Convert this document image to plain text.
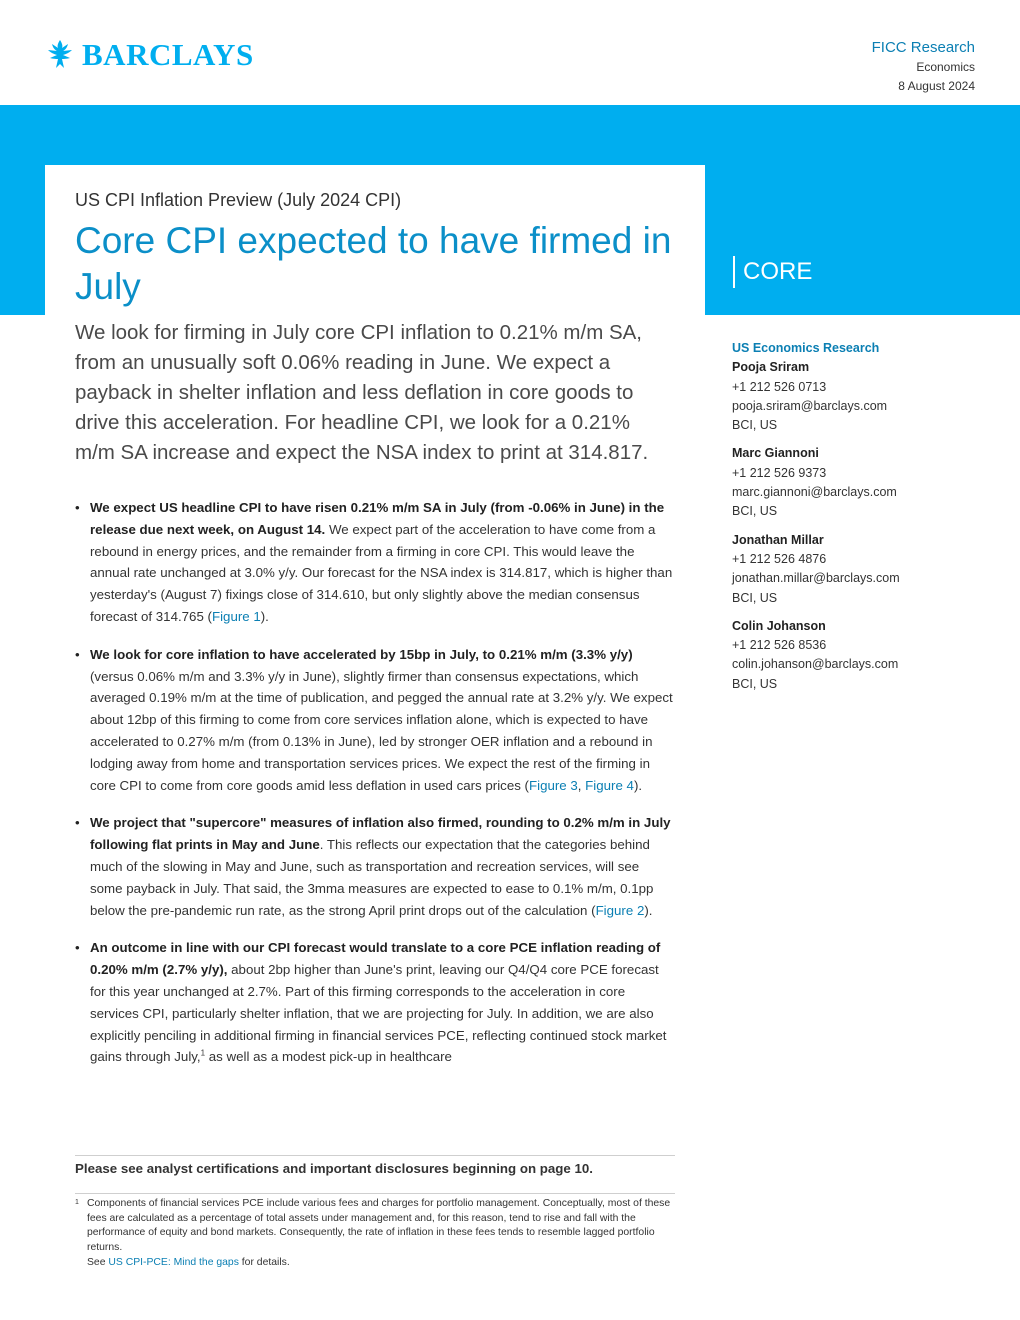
BARCLAYS	FICC Research
Economics
8 August 2024
US CPI Inflation Preview (July 2024 CPI)
Core CPI expected to have firmed in July	CORE

We look for firming in July core CPI inflation to 0.21% m/m SA, from an unusually soft 0.06% reading in June. We expect a payback in shelter inflation and less deflation in core goods to drive this acceleration. For headline CPI, we look for a 0.21% m/m SA increase and expect the NSA index to print at 314.817.

• We expect US headline CPI to have risen 0.21% m/m SA in July (from -0.06% in June) in the release due next week, on August 14. We expect part of the acceleration to have come from a rebound in energy prices, and the remainder from a firming in core CPI. This would leave the annual rate unchanged at 3.0% y/y. Our forecast for the NSA index is 314.817, which is higher than yesterday's (August 7) fixings close of 314.610, but only slightly above the median consensus forecast of 314.765 (Figure 1).
• We look for core inflation to have accelerated by 15bp in July, to 0.21% m/m (3.3% y/y) (versus 0.06% m/m and 3.3% y/y in June), slightly firmer than consensus expectations, which averaged 0.19% m/m at the time of publication, and pegged the annual rate at 3.2% y/y. We expect about 12bp of this firming to come from core services inflation alone, which is expected to have accelerated to 0.27% m/m (from 0.13% in June), led by stronger OER inflation and a rebound in lodging away from home and transportation services prices. We expect the rest of the firming in core CPI to come from core goods amid less deflation in used cars prices (Figure 3, Figure 4).
• We project that "supercore" measures of inflation also firmed, rounding to 0.2% m/m in July following flat prints in May and June. This reflects our expectation that the categories behind much of the slowing in May and June, such as transportation and recreation services, will see some payback in July. That said, the 3mma measures are expected to ease to 0.1% m/m, 0.1pp below the pre-pandemic run rate, as the strong April print drops out of the calculation (Figure 2).
• An outcome in line with our CPI forecast would translate to a core PCE inflation reading of 0.20% m/m (2.7% y/y), about 2bp higher than June's print, leaving our Q4/Q4 core PCE forecast for this year unchanged at 2.7%. Part of this firming corresponds to the acceleration in core services CPI, particularly shelter inflation, that we are projecting for July. In addition, we are also explicitly penciling in additional firming in financial services PCE, reflecting continued stock market gains through July,$^1$ as well as a modest pick-up in healthcare
US Economics Research
Pooja Sriram
+1 212 526 0713
pooja.sriram@barclays.com
BCI, US
Marc Giannoni
+1 212 526 9373
marc.giannoni@barclays.com
BCI, US
Jonathan Millar
+1 212 526 4876
jonathan.millar@barclays.com
BCI, US
Colin Johanson
+1 212 526 8536
colin.johanson@barclays.com
BCI, US
Please see analyst certifications and important disclosures beginning on page 10.
1 Components of financial services PCE include various fees and charges for portfolio management. Conceptually, most of these fees are calculated as a percentage of total assets under management and, for this reason, tend to rise and fall with the performance of equity and bond markets. Consequently, the rate of inflation in these fees tends to resemble lagged portfolio returns.
See US CPI-PCE: Mind the gaps for details.
